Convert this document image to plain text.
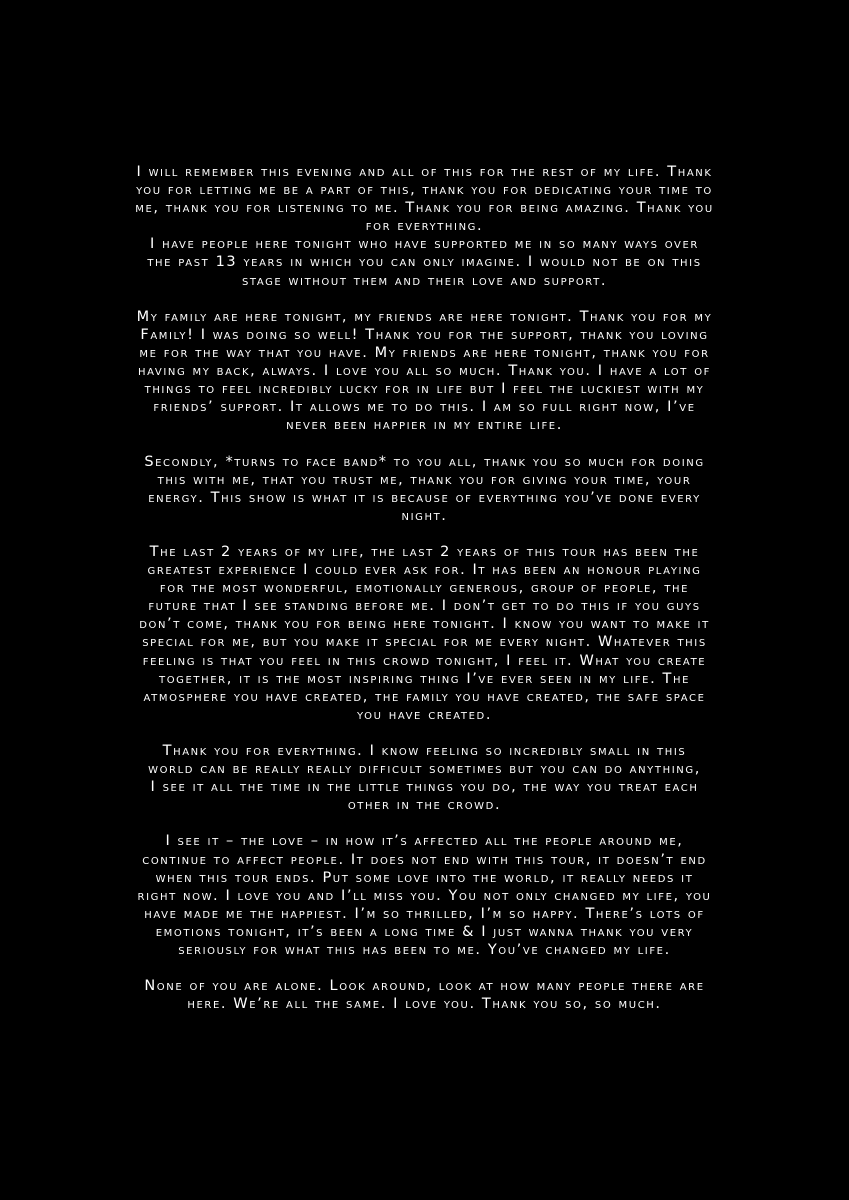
I will remember this evening and all of this for the rest of my life. Thank
you for letting me be a part of this, thank you for dedicating your time to
me, thank you for listening to me. Thank you for being amazing. Thank you
for everything.
I have people here tonight who have supported me in so many ways over
the past 13 years in which you can only imagine. I would not be on this
stage without them and their love and support.

My family are here tonight, my friends are here tonight. Thank you for my
Family! I was doing so well! Thank you for the support, thank you loving
me for the way that you have. My friends are here tonight, thank you for
having my back, always. I love you all so much. Thank you. I have a lot of
things to feel incredibly lucky for in life but I feel the luckiest with my
friends’ support. It allows me to do this. I am so full right now, I’ve
never been happier in my entire life.

Secondly, *turns to face band* to you all, thank you so much for doing
this with me, that you trust me, thank you for giving your time, your
energy. This show is what it is because of everything you’ve done every
night.

The last 2 years of my life, the last 2 years of this tour has been the
greatest experience I could ever ask for. It has been an honour playing
for the most wonderful, emotionally generous, group of people, the
future that I see standing before me. I don’t get to do this if you guys
don’t come, thank you for being here tonight. I know you want to make it
special for me, but you make it special for me every night. Whatever this
feeling is that you feel in this crowd tonight, I feel it. What you create
together, it is the most inspiring thing I’ve ever seen in my life. The
atmosphere you have created, the family you have created, the safe space
you have created.

Thank you for everything. I know feeling so incredibly small in this
world can be really really difficult sometimes but you can do anything,
I see it all the time in the little things you do, the way you treat each
other in the crowd.

I see it – the love – in how it’s affected all the people around me,
continue to affect people. It does not end with this tour, it doesn’t end
when this tour ends. Put some love into the world, it really needs it
right now. I love you and I’ll miss you. You not only changed my life, you
have made me the happiest. I’m so thrilled, I’m so happy. There’s lots of
emotions tonight, it’s been a long time & I just wanna thank you very
seriously for what this has been to me. You’ve changed my life.

None of you are alone. Look around, look at how many people there are
here. We’re all the same. I love you. Thank you so, so much.
